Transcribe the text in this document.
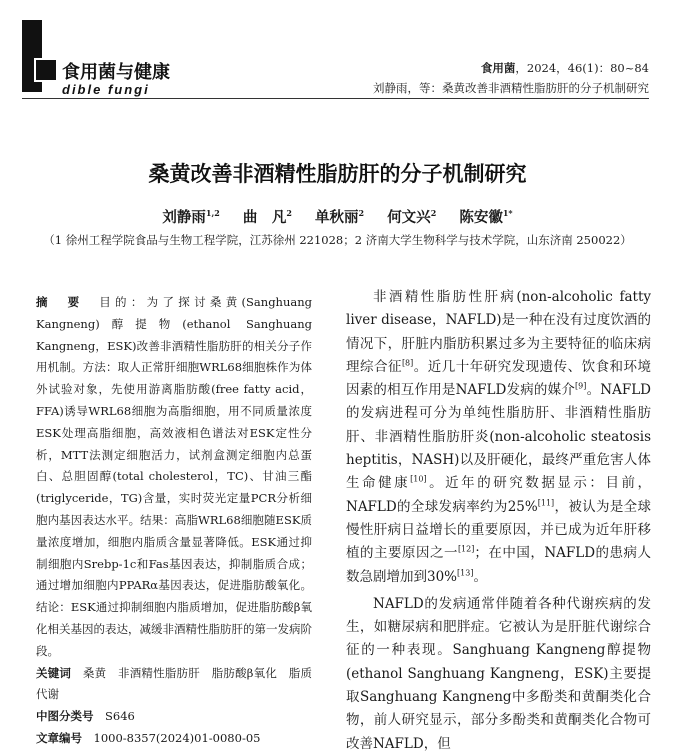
食用菌与健康
dible fungi
食用菌，2024，46(1)：80~84
刘静雨，等：桑黄改善非酒精性脂肪肝的分子机制研究
桑黄改善非酒精性脂肪肝的分子机制研究
刘静雨$^{1,2}$ 曲　凡$^2$ 单秋丽$^2$ 何文兴$^2$ 陈安徽$^{1*}$
（1 徐州工程学院食品与生物工程学院，江苏徐州 221028；2 济南大学生物科学与技术学院，山东济南 250022）

摘　要　 目的：为了探讨桑黄(Sanghuang Kangneng)醇提物(ethanol Sanghuang Kangneng，ESK)改善非酒精性脂肪肝的相关分子作用机制。方法：取人正常肝细胞WRL68细胞株作为体外试验对象，先使用游离脂肪酸(free fatty acid，FFA)诱导WRL68细胞为高脂细胞，用不同质量浓度ESK处理高脂细胞，高效液相色谱法对ESK定性分析，MTT法测定细胞活力，试剂盒测定细胞内总蛋白、总胆固醇(total cholesterol，TC)、甘油三酯(triglyceride，TG)含量，实时荧光定量PCR分析细胞内基因表达水平。结果：高脂WRL68细胞随ESK质量浓度增加，细胞内脂质含量显著降低。ESK通过抑制细胞内Srebp-1c和Fas基因表达，抑制脂质合成；通过增加细胞内PPARα基因表达，促进脂肪酸氧化。结论：ESK通过抑制细胞内脂质增加，促进脂肪酸β氧化相关基因的表达，减缓非酒精性脂肪肝的第一发病阶段。

关键词　 桑黄　非酒精性脂肪肝　脂肪酸β氧化　脂质代谢

中图分类号　 S646

文章编号　 1000-8357(2024)01-0080-05

非酒精性脂肪性肝病(non-alcoholic fatty liver disease，NAFLD)是一种在没有过度饮酒的情况下，肝脏内脂肪积累过多为主要特征的临床病理综合征[8]。近几十年研究发现遗传、饮食和环境因素的相互作用是NAFLD发病的媒介[9]。NAFLD的发病进程可分为单纯性脂肪肝、非酒精性脂肪肝、非酒精性脂肪肝炎(non-alcoholic steatosis heptitis，NASH)以及肝硬化，最终严重危害人体生命健康[10]。近年的研究数据显示：目前，NAFLD的全球发病率约为25%[11]，被认为是全球慢性肝病日益增长的重要原因，并已成为近年肝移植的主要原因之一[12]；在中国，NAFLD的患病人数急剧增加到30%[13]。

NAFLD的发病通常伴随着各种代谢疾病的发生，如糖尿病和肥胖症。它被认为是肝脏代谢综合征的一种表现。Sanghuang Kangneng醇提物(ethanol Sanghuang Kangneng，ESK)主要提取Sanghuang Kangneng中多酚类和黄酮类化合物，前人研究显示，部分多酚类和黄酮类化合物可改善NAFLD，但
